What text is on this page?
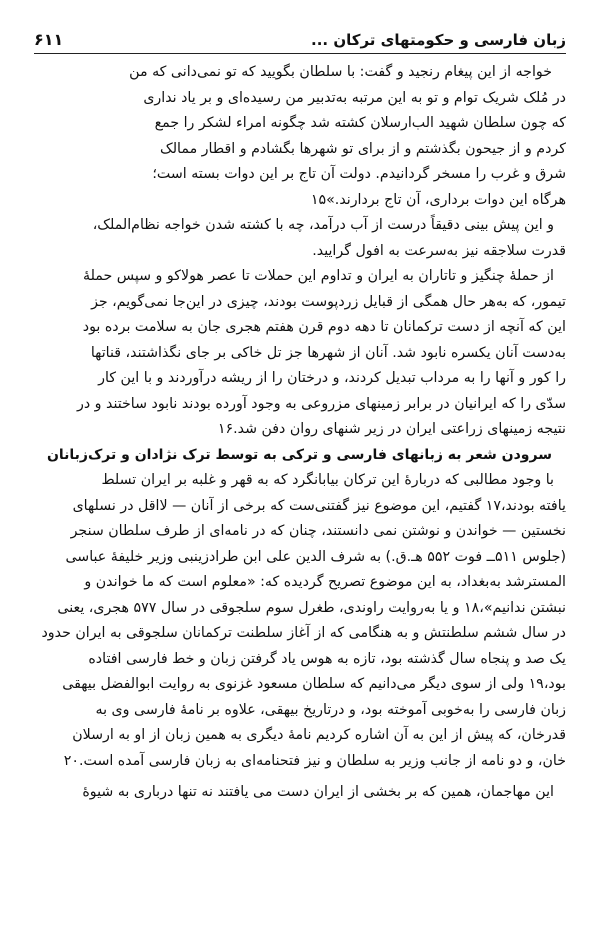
زبان فارسی و حکومتهای ترکان ...
۶۱۱

خواجه از این پیغام رنجید و گفت: با سلطان بگویید که تو نمی‌دانی که من
در مُلک شریک توام و تو به این مرتبه به‌تدبیر من رسیده‌ای و بر یاد نداری
که چون سلطان شهید الب‌ارسلان کشته شد چگونه امراء لشکر را جمع
کردم و از جیحون بگذشتم و از برای تو شهرها بگشادم و اقطار ممالک
شرق و غرب را مسخر گردانیدم. دولت آن تاج بر این دوات بسته است؛
هرگاه این دوات برداری، آن تاج بردارند.»۱۵

و این پیش بینی دقیقاً درست از آب درآمد، چه با کشته شدن خواجه نظام‌الملک،
قدرت سلاجقه نیز به‌سرعت به افول گرایید.

از حملهٔ چنگیز و تاتاران به ایران و تداوم این حملات تا عصر هولاکو و سپس حملهٔ
تیمور، که به‌هر حال همگی از قبایل زردپوست بودند، چیزی در این‌جا نمی‌گویم، جز
این که آنچه از دست ترکمانان تا دهه دوم قرن هفتم هجری جان به سلامت برده بود
به‌دست آنان یکسره نابود شد. آنان از شهرها جز تل خاکی بر جای نگذاشتند، قناتها
را کور و آنها را به مرداب تبدیل کردند، و درختان را از ریشه درآوردند و با این کار
سدّی را که ایرانیان در برابر زمینهای مزروعی به وجود آورده بودند نابود ساختند و در
نتیجه زمینهای زراعتی ایران در زیر شنهای روان دفن شد.۱۶

سرودن شعر به زبانهای فارسی و ترکی به توسط ترک نژادان و ترک‌زبانان

با وجود مطالبی که دربارهٔ این ترکان بیابانگرد که به قهر و غلبه بر ایران تسلط
یافته بودند،۱۷ گفتیم، این موضوع نیز گفتنی‌ست که برخی از آنان — لااقل در نسلهای
نخستین — خواندن و نوشتن نمی دانستند، چنان که در نامه‌ای از طرف سلطان سنجر
(جلوس ۵۱۱ــ فوت ۵۵۲ هـ.ق.) به شرف الدین علی ابن طرادزینبی وزیر خلیفهٔ عباسی
المسترشد به‌بغداد، به این موضوع تصریح گردیده که: «معلوم است که ما خواندن و
نبشتن ندانیم»،۱۸ و یا به‌روایت راوندی، طغرل سوم سلجوقی در سال ۵۷۷ هجری، یعنی
در سال ششم سلطنتش و به هنگامی که از آغاز سلطنت ترکمانان سلجوقی به ایران حدود
یک صد و پنجاه سال گذشته بود، تازه به هوس یاد گرفتن زبان و خط فارسی افتاده
بود،۱۹ ولی از سوی دیگر می‌دانیم که سلطان مسعود غزنوی به روایت ابوالفضل بیهقی
زبان فارسی را به‌خوبی آموخته بود، و درتاریخ بیهقی، علاوه بر نامهٔ فارسی وی به
قدرخان، که پیش از این به آن اشاره کردیم نامهٔ دیگری به همین زبان از او به ارسلان
خان، و دو نامه از جانب وزیر به سلطان و نیز فتحنامه‌ای به زبان فارسی آمده است.۲۰

این مهاجمان، همین که بر بخشی از ایران دست می یافتند نه تنها درباری به شیوهٔ
